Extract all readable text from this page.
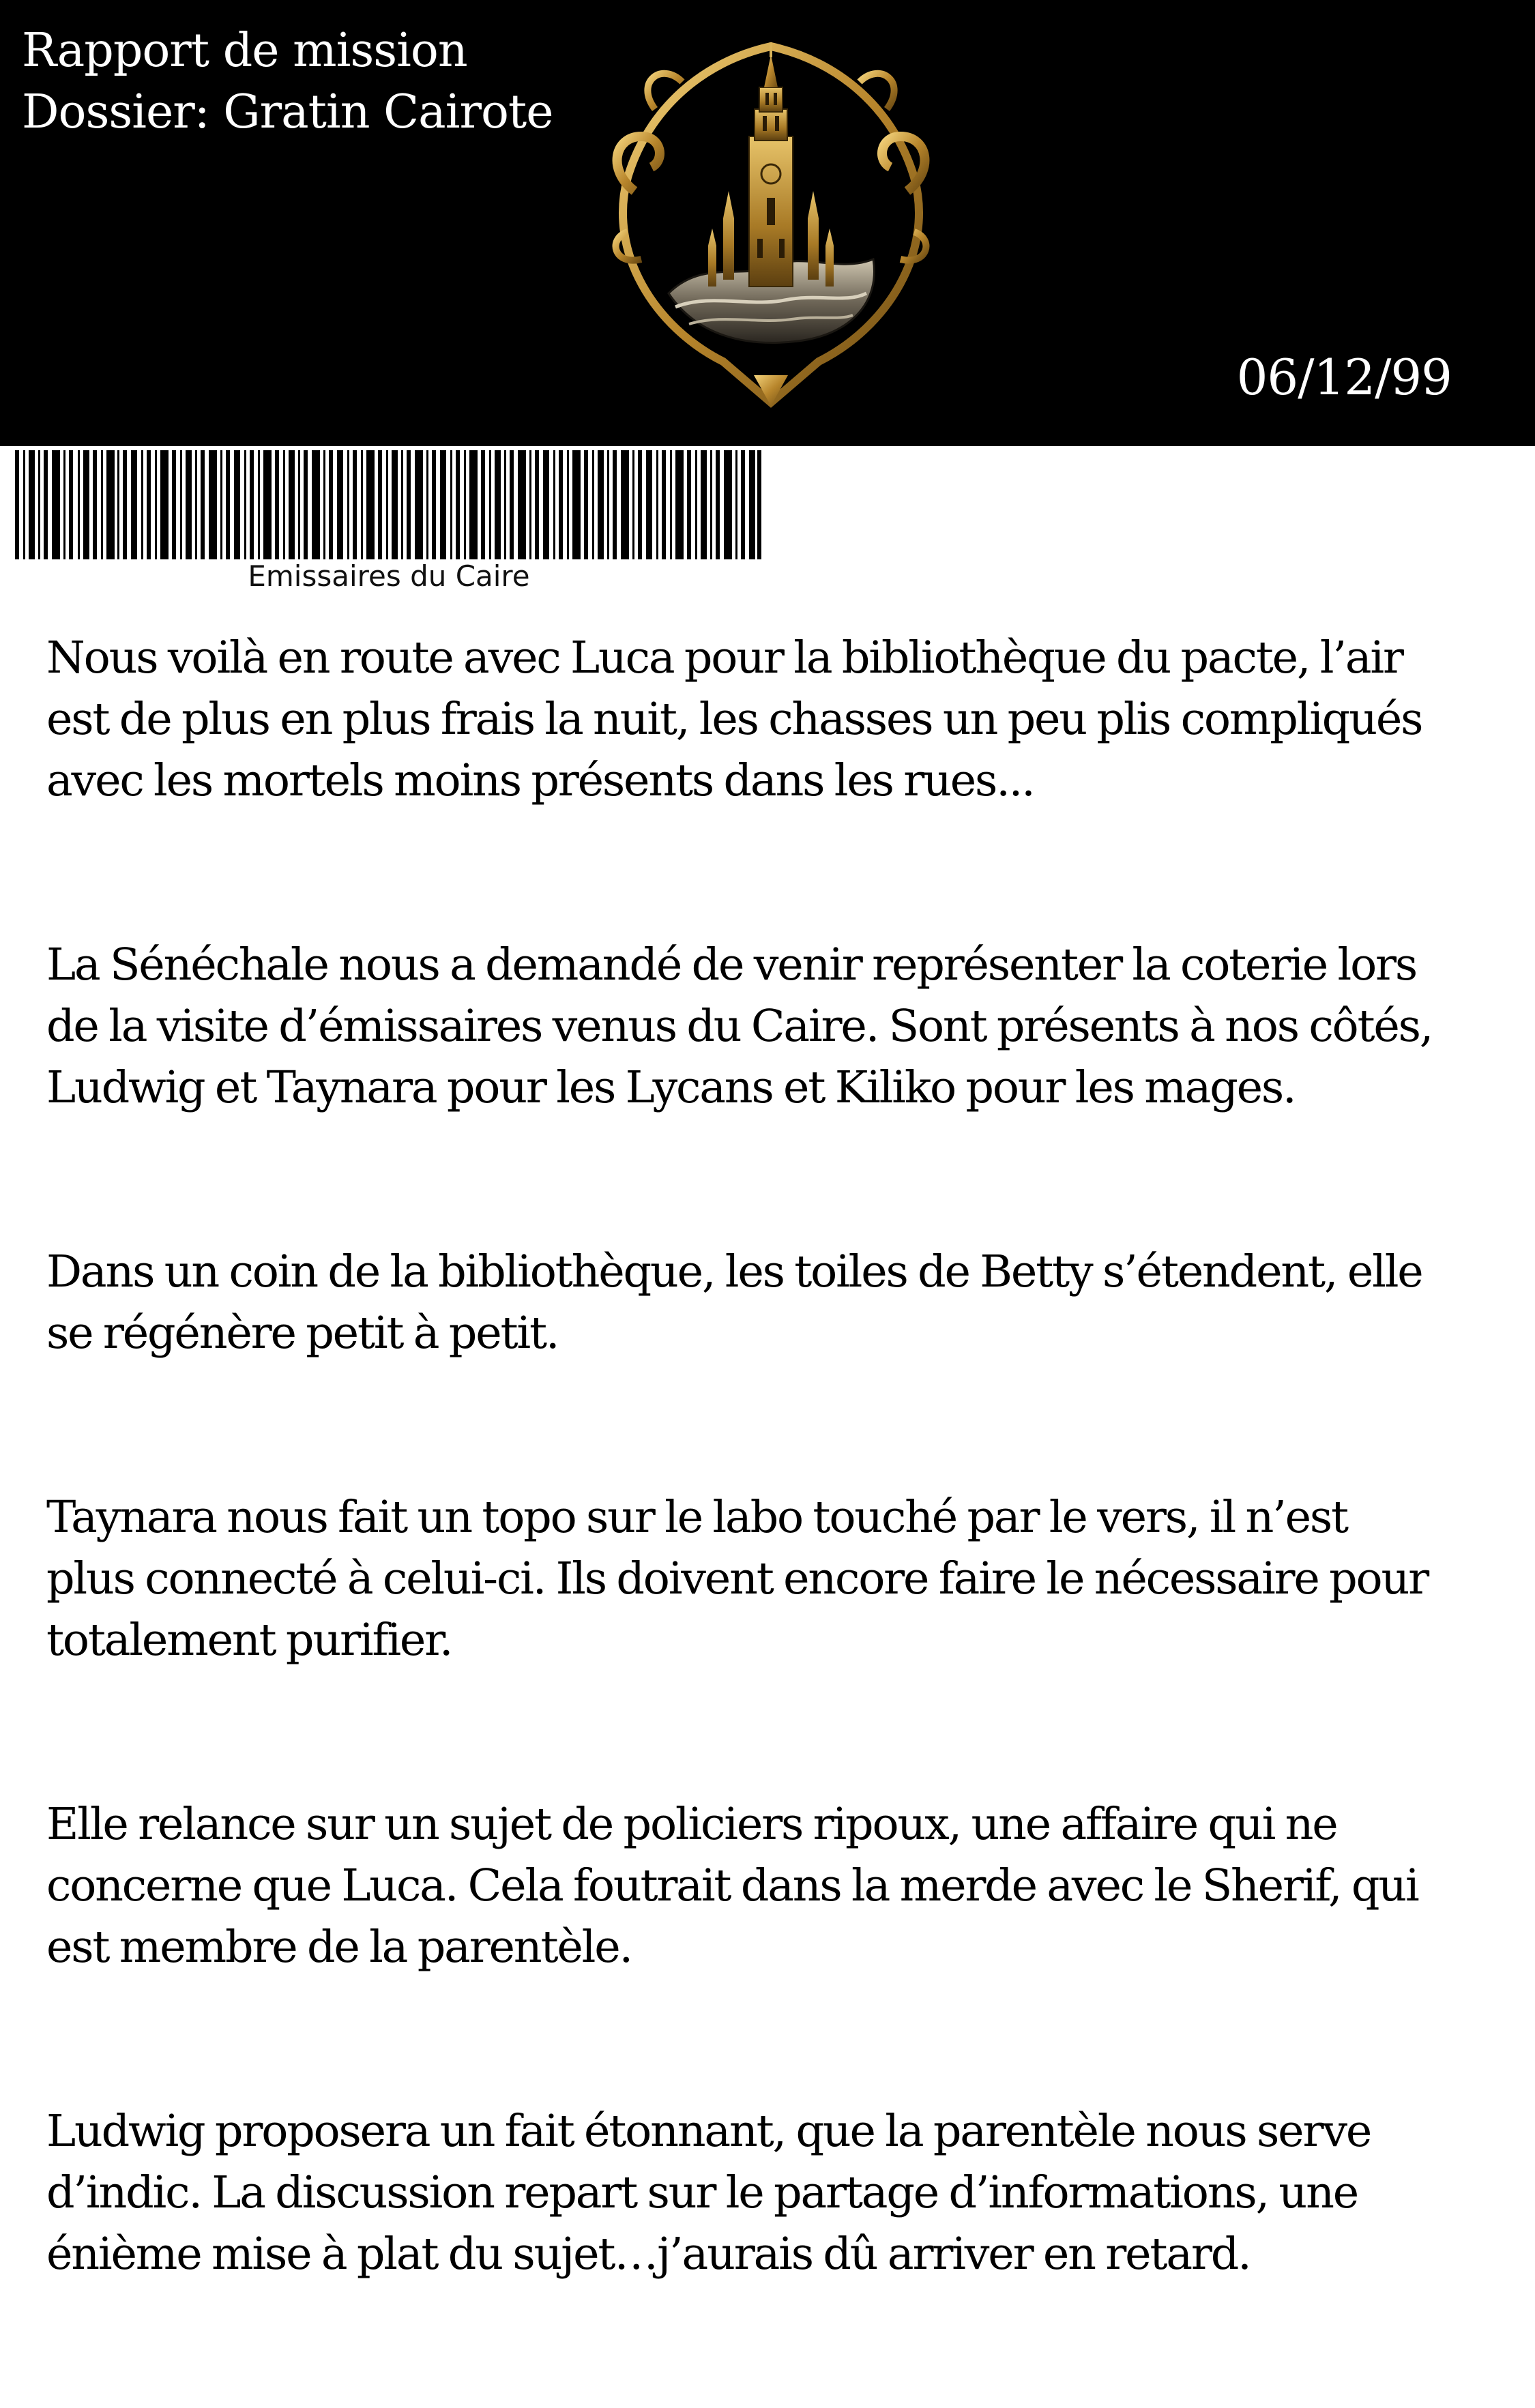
Rapport de mission
Dossier: Gratin Cairote
06/12/99
Emissaires du Caire

Nous voilà en route avec Luca pour la bibliothèque du pacte, l’air
est de plus en plus frais la nuit, les chasses un peu plis compliqués
avec les mortels moins présents dans les rues...

La Sénéchale nous a demandé de venir représenter la coterie lors
de la visite d’émissaires venus du Caire. Sont présents à nos côtés,
Ludwig et Taynara pour les Lycans et Kiliko pour les mages.

Dans un coin de la bibliothèque, les toiles de Betty s’étendent, elle
se régénère petit à petit.

Taynara nous fait un topo sur le labo touché par le vers, il n’est
plus connecté à celui-ci. Ils doivent encore faire le nécessaire pour
totalement purifier.

Elle relance sur un sujet de policiers ripoux, une affaire qui ne
concerne que Luca. Cela foutrait dans la merde avec le Sherif, qui
est membre de la parentèle.

Ludwig proposera un fait étonnant, que la parentèle nous serve
d’indic. La discussion repart sur le partage d’informations, une
énième mise à plat du sujet…j’aurais dû arriver en retard.
